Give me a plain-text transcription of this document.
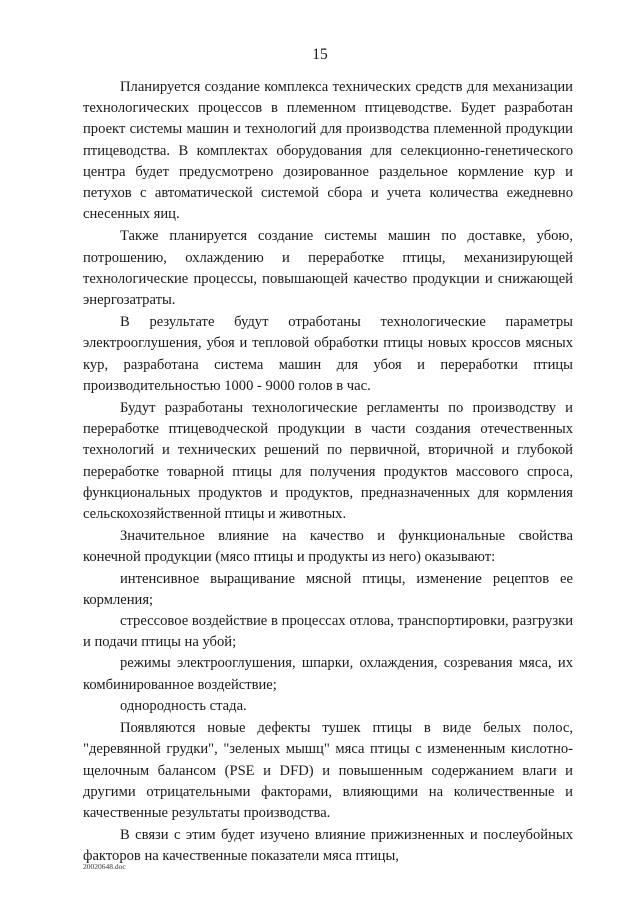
15

Планируется создание комплекса технических средств для механизации технологических процессов в племенном птицеводстве. Будет разработан проект системы машин и технологий для производства племенной продукции птицеводства. В комплектах оборудования для селекционно-генетического центра будет предусмотрено дозированное раздельное кормление кур и петухов с автоматической системой сбора и учета количества ежедневно снесенных яиц.

Также планируется создание системы машин по доставке, убою, потрошению, охлаждению и переработке птицы, механизирующей технологические процессы, повышающей качество продукции и снижающей энергозатраты.

В результате будут отработаны технологические параметры электрооглушения, убоя и тепловой обработки птицы новых кроссов мясных кур, разработана система машин для убоя и переработки птицы производительностью 1000 - 9000 голов в час.

Будут разработаны технологические регламенты по производству и переработке птицеводческой продукции в части создания отечественных технологий и технических решений по первичной, вторичной и глубокой переработке товарной птицы для получения продуктов массового спроса, функциональных продуктов и продуктов, предназначенных для кормления сельскохозяйственной птицы и животных.

Значительное влияние на качество и функциональные свойства конечной продукции (мясо птицы и продукты из него) оказывают:

интенсивное выращивание мясной птицы, изменение рецептов ее кормления;

стрессовое воздействие в процессах отлова, транспортировки, разгрузки и подачи птицы на убой;

режимы электрооглушения, шпарки, охлаждения, созревания мяса, их комбинированное воздействие;

однородность стада.

Появляются новые дефекты тушек птицы в виде белых полос, "деревянной грудки", "зеленых мышц" мяса птицы с измененным кислотно-щелочным балансом (PSE и DFD) и повышенным содержанием влаги и другими отрицательными факторами, влияющими на количественные и качественные результаты производства.

В связи с этим будет изучено влияние прижизненных и послеубойных факторов на качественные показатели мяса птицы,

20020648.doc
